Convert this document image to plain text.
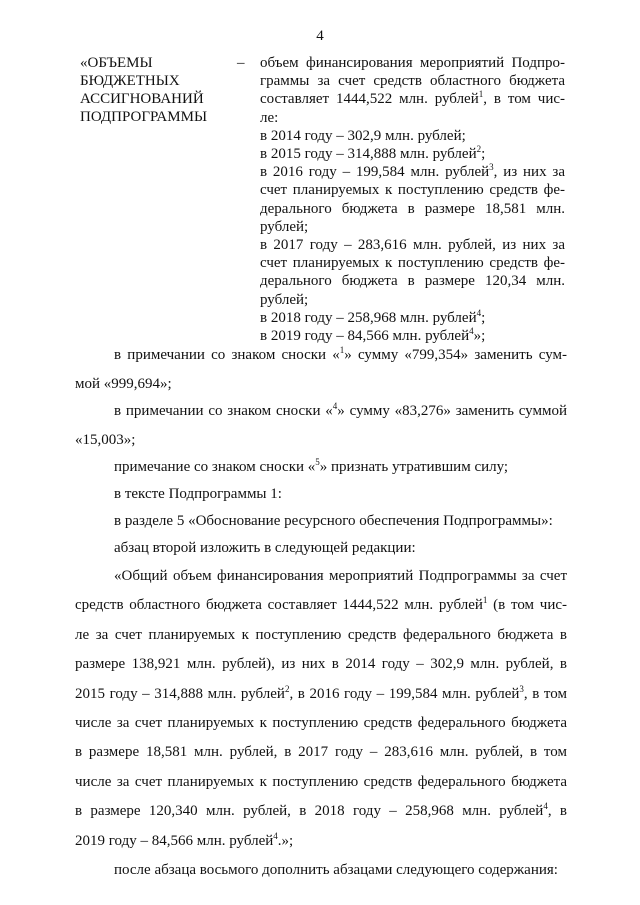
4
«ОБЪЕМЫ
БЮДЖЕТНЫХ
АССИГНОВАНИЙ
ПОДПРОГРАММЫ
– объем финансирования мероприятий Подпро-
граммы за счет средств областного бюджета
составляет 1444,522 млн. рублей$^1$, в том чис-
ле:
в 2014 году – 302,9 млн. рублей;
в 2015 году – 314,888 млн. рублей$^2$;
в 2016 году – 199,584 млн. рублей$^3$, из них за
счет планируемых к поступлению средств фе-
дерального бюджета в размере 18,581 млн.
рублей;
в 2017 году – 283,616 млн. рублей, из них за
счет планируемых к поступлению средств фе-
дерального бюджета в размере 120,34 млн.
рублей;
в 2018 году – 258,968 млн. рублей$^4$;
в 2019 году – 84,566 млн. рублей$^4$»;
в примечании со знаком сноски «$^1$» сумму «799,354» заменить сум-
мой «999,694»;
в примечании со знаком сноски «$^4$» сумму «83,276» заменить суммой
«15,003»;
примечание со знаком сноски «$^5$» признать утратившим силу;
в тексте Подпрограммы 1:
в разделе 5 «Обоснование ресурсного обеспечения Подпрограммы»:
абзац второй изложить в следующей редакции:
«Общий объем финансирования мероприятий Подпрограммы за счет
средств областного бюджета составляет 1444,522 млн. рублей$^1$ (в том чис-
ле за счет планируемых к поступлению средств федерального бюджета в
размере 138,921 млн. рублей), из них в 2014 году – 302,9 млн. рублей, в
2015 году – 314,888 млн. рублей$^2$, в 2016 году – 199,584 млн. рублей$^3$, в том
числе за счет планируемых к поступлению средств федерального бюджета
в размере 18,581 млн. рублей, в 2017 году – 283,616 млн. рублей, в том
числе за счет планируемых к поступлению средств федерального бюджета
в размере 120,340 млн. рублей, в 2018 году – 258,968 млн. рублей$^4$, в
2019 году – 84,566 млн. рублей$^4$.»;
после абзаца восьмого дополнить абзацами следующего содержания:
